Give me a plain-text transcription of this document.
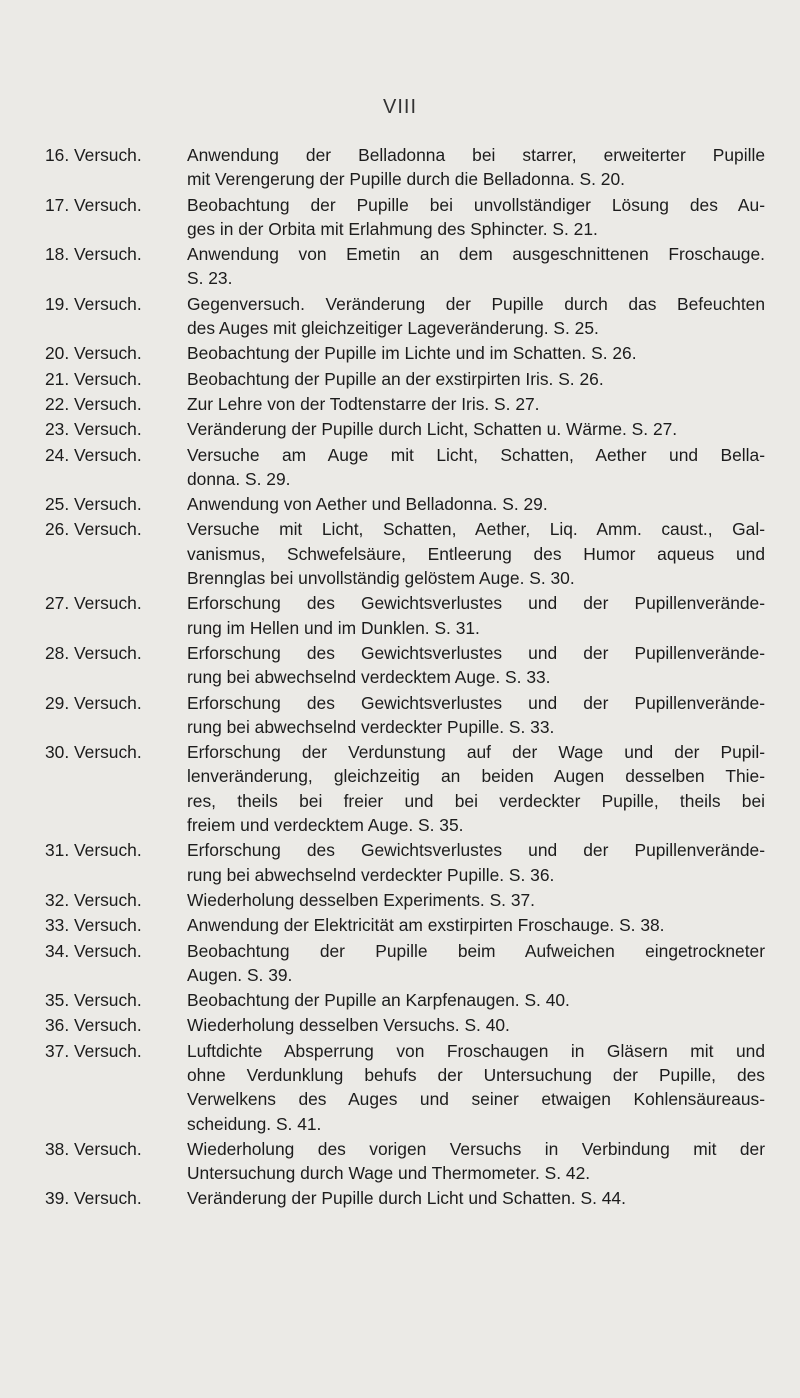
VIII
16. Versuch.	Anwendung der Belladonna bei starrer, erweiterter Pupille
mit Verengerung der Pupille durch die Belladonna. S. 20.
17. Versuch.	Beobachtung der Pupille bei unvollständiger Lösung des Au-
ges in der Orbita mit Erlahmung des Sphincter. S. 21.
18. Versuch.	Anwendung von Emetin an dem ausgeschnittenen Froschauge.
S. 23.
19. Versuch.	Gegenversuch. Veränderung der Pupille durch das Befeuchten
des Auges mit gleichzeitiger Lageveränderung. S. 25.
20. Versuch.	Beobachtung der Pupille im Lichte und im Schatten. S. 26.
21. Versuch.	Beobachtung der Pupille an der exstirpirten Iris. S. 26.
22. Versuch.	Zur Lehre von der Todtenstarre der Iris. S. 27.
23. Versuch.	Veränderung der Pupille durch Licht, Schatten u. Wärme. S. 27.
24. Versuch.	Versuche am Auge mit Licht, Schatten, Aether und Bella-
donna. S. 29.
25. Versuch.	Anwendung von Aether und Belladonna. S. 29.
26. Versuch.	Versuche mit Licht, Schatten, Aether, Liq. Amm. caust., Gal-
vanismus, Schwefelsäure, Entleerung des Humor aqueus und
Brennglas bei unvollständig gelöstem Auge. S. 30.
27. Versuch.	Erforschung des Gewichtsverlustes und der Pupillenverände-
rung im Hellen und im Dunklen. S. 31.
28. Versuch.	Erforschung des Gewichtsverlustes und der Pupillenverände-
rung bei abwechselnd verdecktem Auge. S. 33.
29. Versuch.	Erforschung des Gewichtsverlustes und der Pupillenverände-
rung bei abwechselnd verdeckter Pupille. S. 33.
30. Versuch.	Erforschung der Verdunstung auf der Wage und der Pupil-
lenveränderung, gleichzeitig an beiden Augen desselben Thie-
res, theils bei freier und bei verdeckter Pupille, theils bei
freiem und verdecktem Auge. S. 35.
31. Versuch.	Erforschung des Gewichtsverlustes und der Pupillenverände-
rung bei abwechselnd verdeckter Pupille. S. 36.
32. Versuch.	Wiederholung desselben Experiments. S. 37.
33. Versuch.	Anwendung der Elektricität am exstirpirten Froschauge. S. 38.
34. Versuch.	Beobachtung der Pupille beim Aufweichen eingetrockneter
Augen. S. 39.
35. Versuch.	Beobachtung der Pupille an Karpfenaugen. S. 40.
36. Versuch.	Wiederholung desselben Versuchs. S. 40.
37. Versuch.	Luftdichte Absperrung von Froschaugen in Gläsern mit und
ohne Verdunklung behufs der Untersuchung der Pupille, des
Verwelkens des Auges und seiner etwaigen Kohlensäureaus-
scheidung. S. 41.
38. Versuch.	Wiederholung des vorigen Versuchs in Verbindung mit der
Untersuchung durch Wage und Thermometer. S. 42.
39. Versuch.	Veränderung der Pupille durch Licht und Schatten. S. 44.
